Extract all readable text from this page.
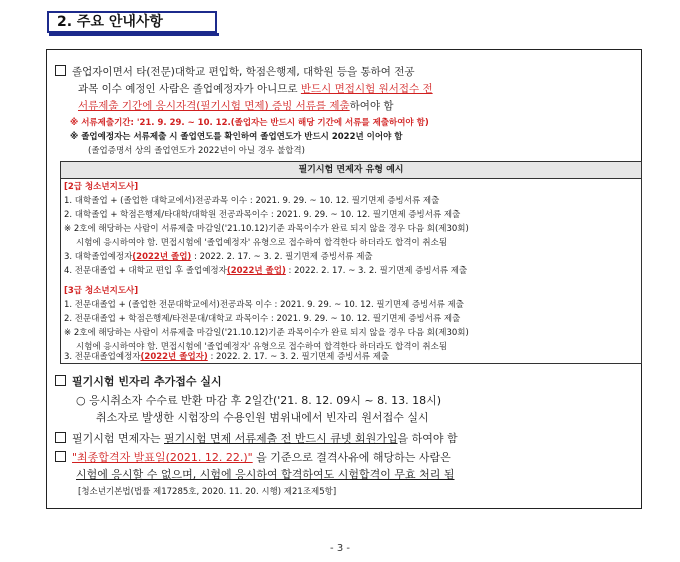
2. 주요 안내사항
졸업자이면서 타(전문)대학교 편입학, 학점은행제, 대학원 등을 통하여 전공
과목 이수 예정인 사람은 졸업예정자가 아니므로 반드시 면접시험 원서접수 전
서류제출 기간에 응시자격(필기시험 면제) 증빙 서류를 제출하여야 함
※ 서류제출기간: '21. 9. 29. ~ 10. 12.(졸업자는 반드시 해당 기간에 서류를 제출하여야 함)
※ 졸업예정자는 서류제출 시 졸업연도를 확인하여 졸업연도가 반드시 2022년 이어야 함
(졸업증명서 상의 졸업연도가 2022년이 아닐 경우 불합격)
필기시험 면제자 유형 예시
[2급 청소년지도사]
1. 대학졸업 + (졸업한 대학교에서)전공과목 이수 : 2021. 9. 29. ~ 10. 12. 필기면제 증빙서류 제출
2. 대학졸업 + 학점은행제/타대학/대학원 전공과목이수 : 2021. 9. 29. ~ 10. 12. 필기면제 증빙서류 제출
※ 2호에 해당하는 사람이 서류제출 마감일('21.10.12)기준 과목이수가 완료 되지 않을 경우 다음 회(제30회)
시험에 응시하여야 함. 면접시험에 '졸업예정자' 유형으로 접수하여 합격한다 하더라도 합격이 취소됨
3. 대학졸업예정자(2022년 졸업) : 2022. 2. 17. ~ 3. 2. 필기면제 증빙서류 제출
4. 전문대졸업 + 대학교 편입 후 졸업예정자(2022년 졸업) : 2022. 2. 17. ~ 3. 2. 필기면제 증빙서류 제출
[3급 청소년지도사]
1. 전문대졸업 + (졸업한 전문대학교에서)전공과목 이수 : 2021. 9. 29. ~ 10. 12. 필기면제 증빙서류 제출
2. 전문대졸업 + 학점은행제/타전문대/대학교 과목이수 : 2021. 9. 29. ~ 10. 12. 필기면제 증빙서류 제출
※ 2호에 해당하는 사람이 서류제출 마감일('21.10.12)기준 과목이수가 완료 되지 않을 경우 다음 회(제30회)
시험에 응시하여야 함. 면접시험에 '졸업예정자' 유형으로 접수하여 합격한다 하더라도 합격이 취소됨
3. 전문대졸업예정자(2022년 졸업자) : 2022. 2. 17. ~ 3. 2. 필기면제 증빙서류 제출
필기시험 빈자리 추가접수 실시
○ 응시취소자 수수료 반환 마감 후 2일간('21. 8. 12. 09시 ~ 8. 13. 18시)
취소자로 발생한 시험장의 수용인원 범위내에서 빈자리 원서접수 실시
필기시험 면제자는 필기시험 면제 서류제출 전 반드시 큐넷 회원가입을 하여야 함
"최종합격자 발표일(2021. 12. 22.)" 을 기준으로 결격사유에 해당하는 사람은
시험에 응시할 수 없으며, 시험에 응시하여 합격하여도 시험합격이 무효 처리 됨
[청소년기본법(법률 제17285호, 2020. 11. 20. 시행) 제21조제5항]
- 3 -
